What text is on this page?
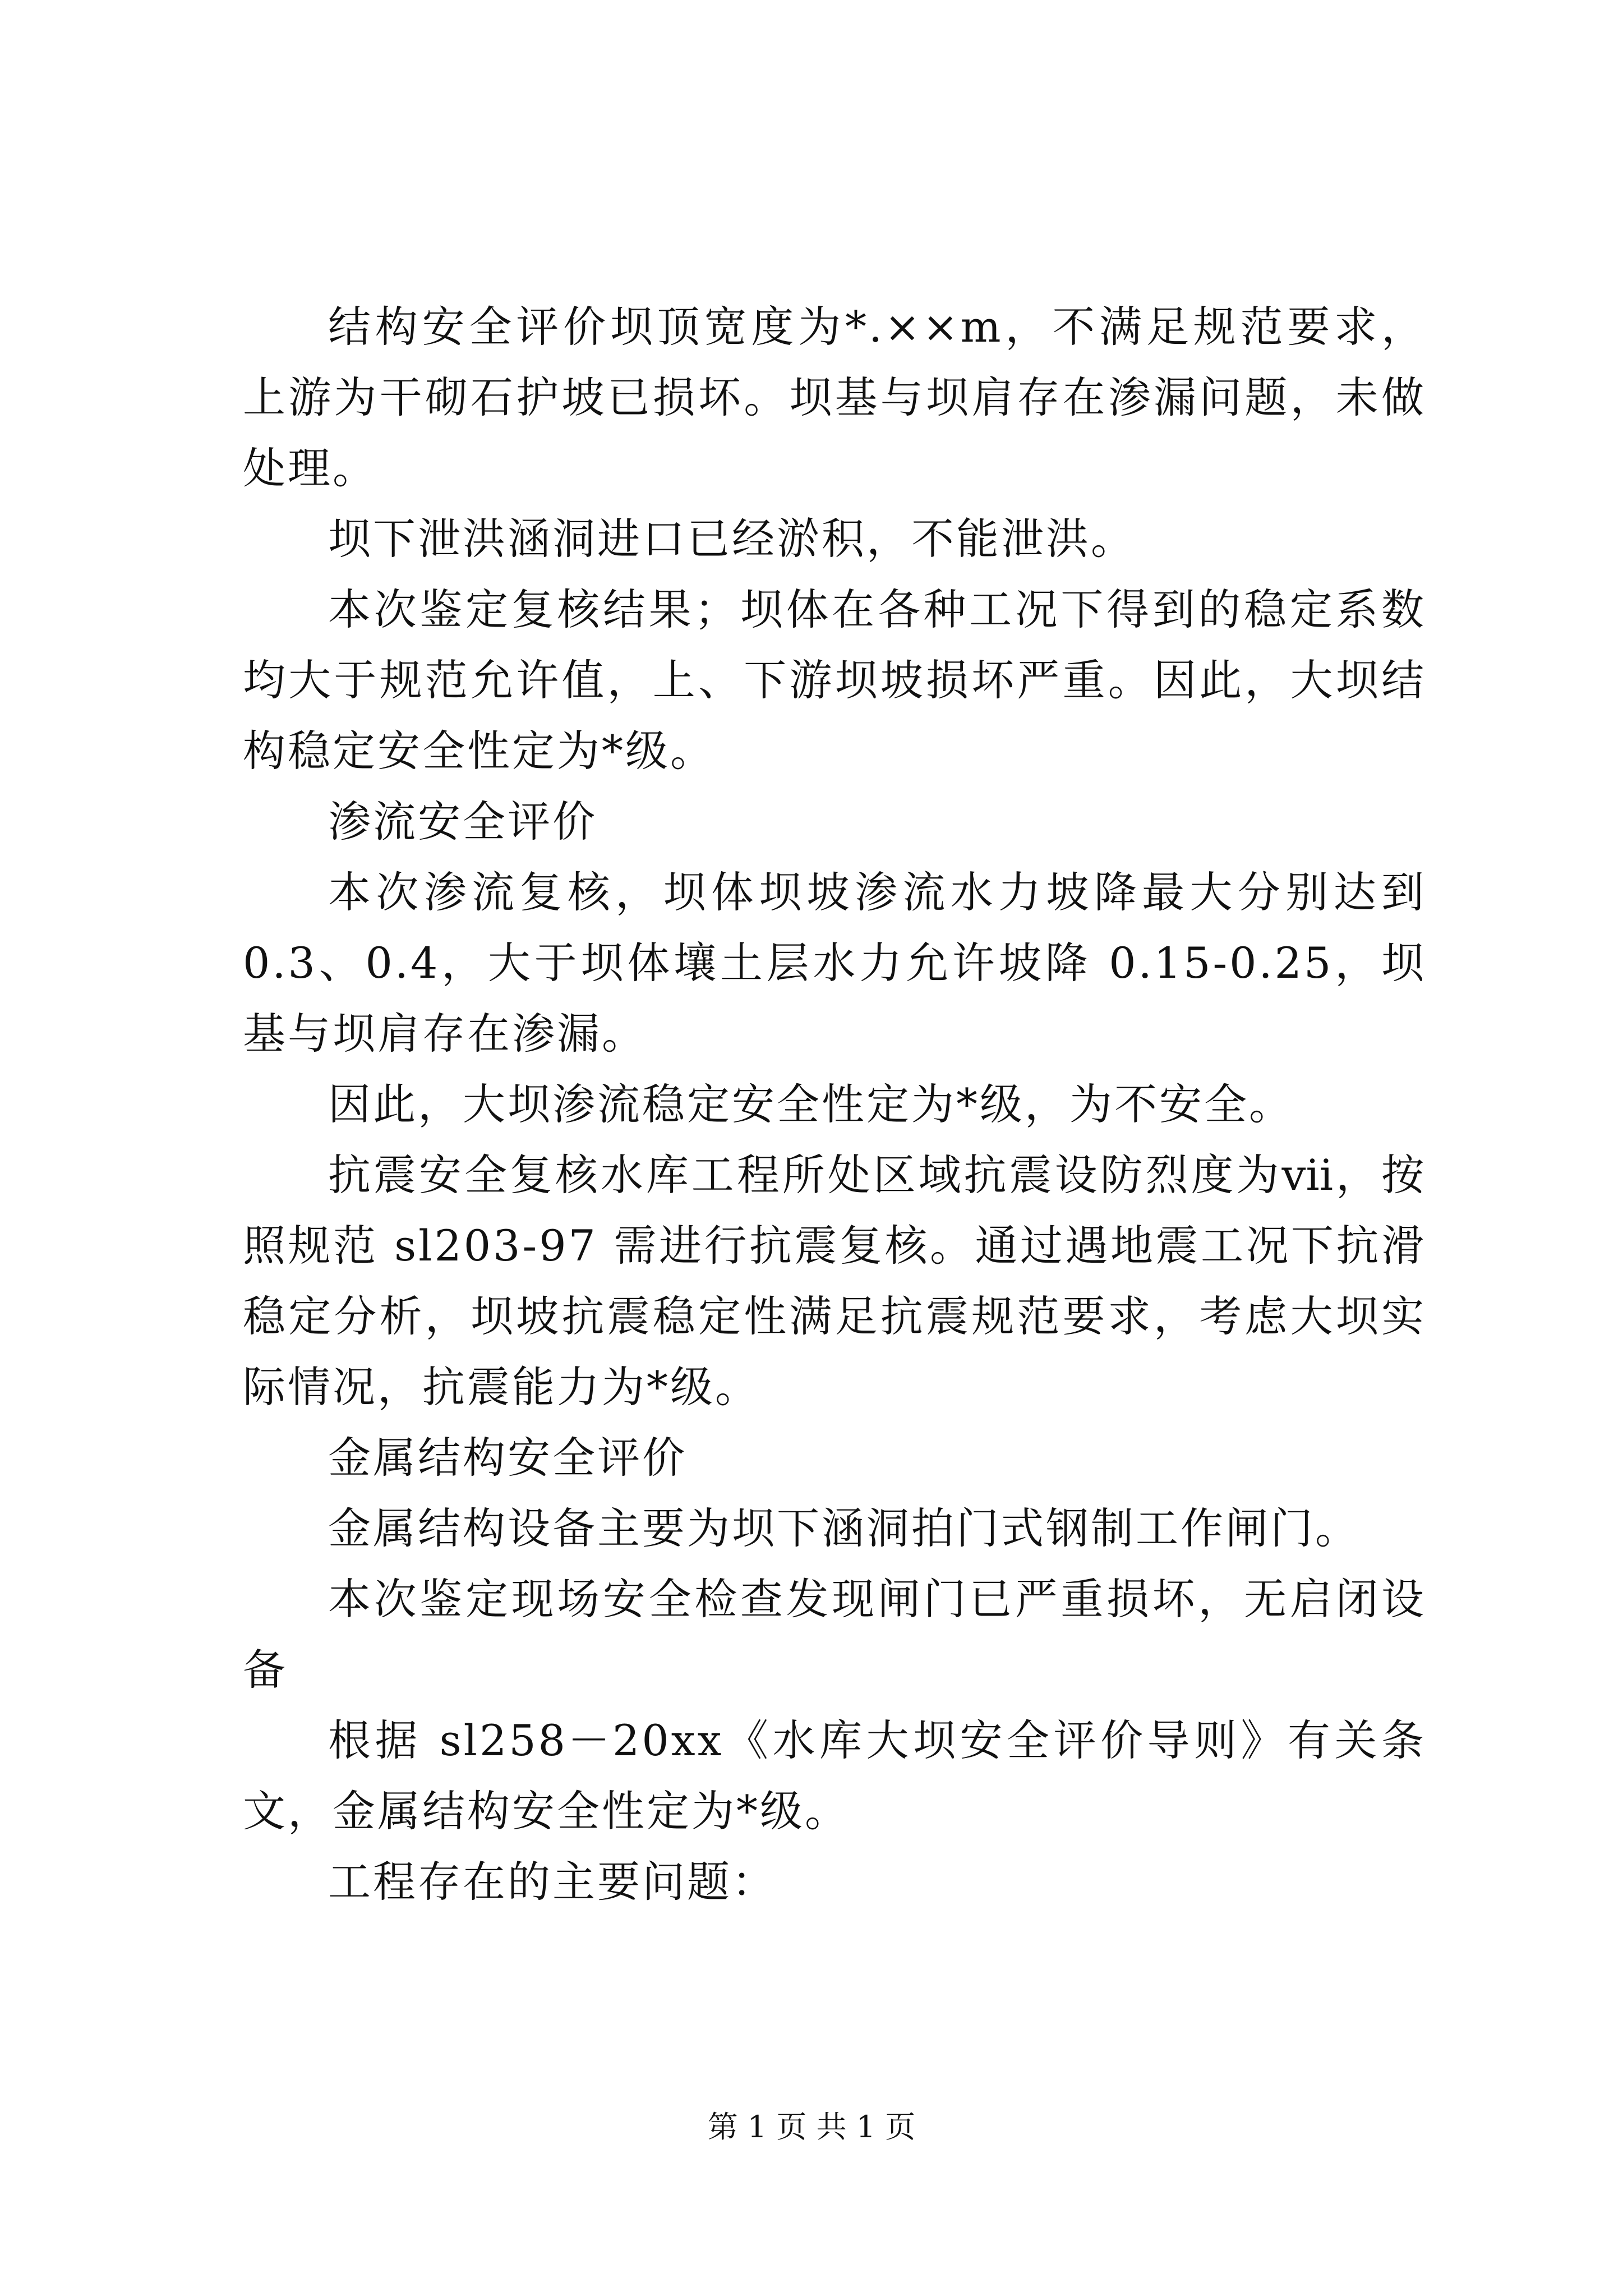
结构安全评价坝顶宽度为*.××m，不满足规范要求，上游为干砌石护坡已损坏。坝基与坝肩存在渗漏问题，未做处理。

坝下泄洪涵洞进口已经淤积，不能泄洪。

本次鉴定复核结果；坝体在各种工况下得到的稳定系数均大于规范允许值，上、下游坝坡损坏严重。因此，大坝结构稳定安全性定为*级。

渗流安全评价

本次渗流复核，坝体坝坡渗流水力坡降最大分别达到 0.3、0.4，大于坝体壤土层水力允许坡降 0.15-0.25，坝基与坝肩存在渗漏。

因此，大坝渗流稳定安全性定为*级，为不安全。

抗震安全复核水库工程所处区域抗震设防烈度为ⅶ，按照规范 sl203-97 需进行抗震复核。通过遇地震工况下抗滑稳定分析，坝坡抗震稳定性满足抗震规范要求，考虑大坝实际情况，抗震能力为*级。

金属结构安全评价

金属结构设备主要为坝下涵洞拍门式钢制工作闸门。

本次鉴定现场安全检查发现闸门已严重损坏，无启闭设备

根据 sl258－20xx《水库大坝安全评价导则》有关条文，金属结构安全性定为*级。

工程存在的主要问题：

第 1 页 共 1 页
